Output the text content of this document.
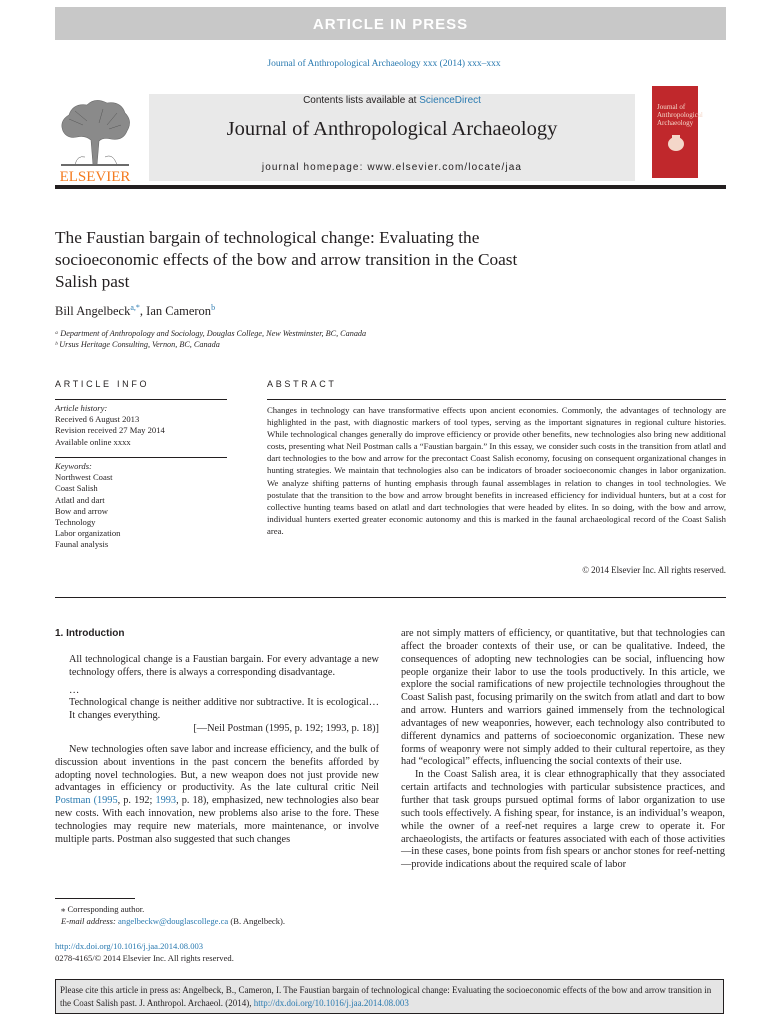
ARTICLE IN PRESS
Journal of Anthropological Archaeology xxx (2014) xxx–xxx
ELSEVIER
Contents lists available at ScienceDirect
Journal of Anthropological Archaeology
journal homepage: www.elsevier.com/locate/jaa
Journal of Anthropological Archaeology
The Faustian bargain of technological change: Evaluating the socioeconomic effects of the bow and arrow transition in the Coast Salish past
Bill Angelbeck$^{a,*}$, Ian Cameron$^b$
ᵃ Department of Anthropology and Sociology, Douglas College, New Westminster, BC, Canada
ᵇ Ursus Heritage Consulting, Vernon, BC, Canada
ARTICLE INFO	ABSTRACT
Article history:
Received 6 August 2013
Revision received 27 May 2014
Available online xxxx
Keywords:
Northwest Coast
Coast Salish
Atlatl and dart
Bow and arrow
Technology
Labor organization
Faunal analysis
Changes in technology can have transformative effects upon ancient economies. Commonly, the advantages of technology are highlighted in the past, with diagnostic markers of tool types, serving as the important signatures in regional culture histories. While technological changes generally do improve efficiency or provide other benefits, new technologies also bring new additional costs, presenting what Neil Postman calls a “Faustian bargain.” In this essay, we consider such costs in the transition from atlatl and dart technologies to the bow and arrow for the precontact Coast Salish economy, focusing on consequent organizational changes in hunting strategies. We maintain that technologies also can be indicators of broader socioeconomic changes in labor organization. We analyze shifting patterns of hunting emphasis through faunal assemblages in relation to changes in tool technologies. We postulate that the transition to the bow and arrow brought benefits in increased efficiency for individual hunters, but at a cost for collective hunting teams based on atlatl and dart technologies that were headed by elites. In so doing, with the bow and arrow, individual hunters exerted greater economic autonomy and this is marked in the faunal archaeological record of the Coast Salish area.
© 2014 Elsevier Inc. All rights reserved.

1. Introduction

All technological change is a Faustian bargain. For every advantage a new technology offers, there is always a corresponding disadvantage.

…

Technological change is neither additive nor subtractive. It is ecological… It changes everything.

[—Neil Postman (1995, p. 192; 1993, p. 18)]

New technologies often save labor and increase efficiency, and the bulk of discussion about inventions in the past concern the benefits afforded by adopting novel technologies. But, a new weapon does not just provide new advantages in efficiency or productivity. As the late cultural critic Neil Postman (1995, p. 192; 1993, p. 18), emphasized, new technologies also bear new costs. With each innovation, new problems also arise to the fore. These technologies may require new materials, more maintenance, or involve multiple parts. Postman also suggested that such changes

are not simply matters of efficiency, or quantitative, but that technologies can affect the broader contexts of their use, or can be qualitative. Indeed, the consequences of adopting new technologies can be social, influencing how people organize their labor to use the tools productively. In this article, we explore the social ramifications of new projectile technologies throughout the Coast Salish past, focusing primarily on the switch from atlatl and dart to bow and arrow. Hunters and warriors gained immensely from the technological advantages of new weaponries, however, each technology also contributed to different dynamics and patterns of socioeconomic organization. These new forms of weaponry were not simply added to their cultural repertoire, as they had “ecological” effects, influencing the social contexts of their use.

In the Coast Salish area, it is clear ethnographically that they associated certain artifacts and technologies with particular subsistence practices, and further that task groups pursued optimal forms of labor organization to use such tools effectively. A fishing spear, for instance, is an individual’s weapon, while the owner of a reef-net requires a large crew to operate it. For archaeologists, the artifacts or features associated with each of those activities—in these cases, bone points from fish spears or anchor stones for reef-netting—provide indications about the required scale of labor

⁎ Corresponding author.
E-mail address: angelbeckw@douglascollege.ca (B. Angelbeck).
http://dx.doi.org/10.1016/j.jaa.2014.08.003
0278-4165/© 2014 Elsevier Inc. All rights reserved.
Please cite this article in press as: Angelbeck, B., Cameron, I. The Faustian bargain of technological change: Evaluating the socioeconomic effects of the bow and arrow transition in the Coast Salish past. J. Anthropol. Archaeol. (2014), http://dx.doi.org/10.1016/j.jaa.2014.08.003
